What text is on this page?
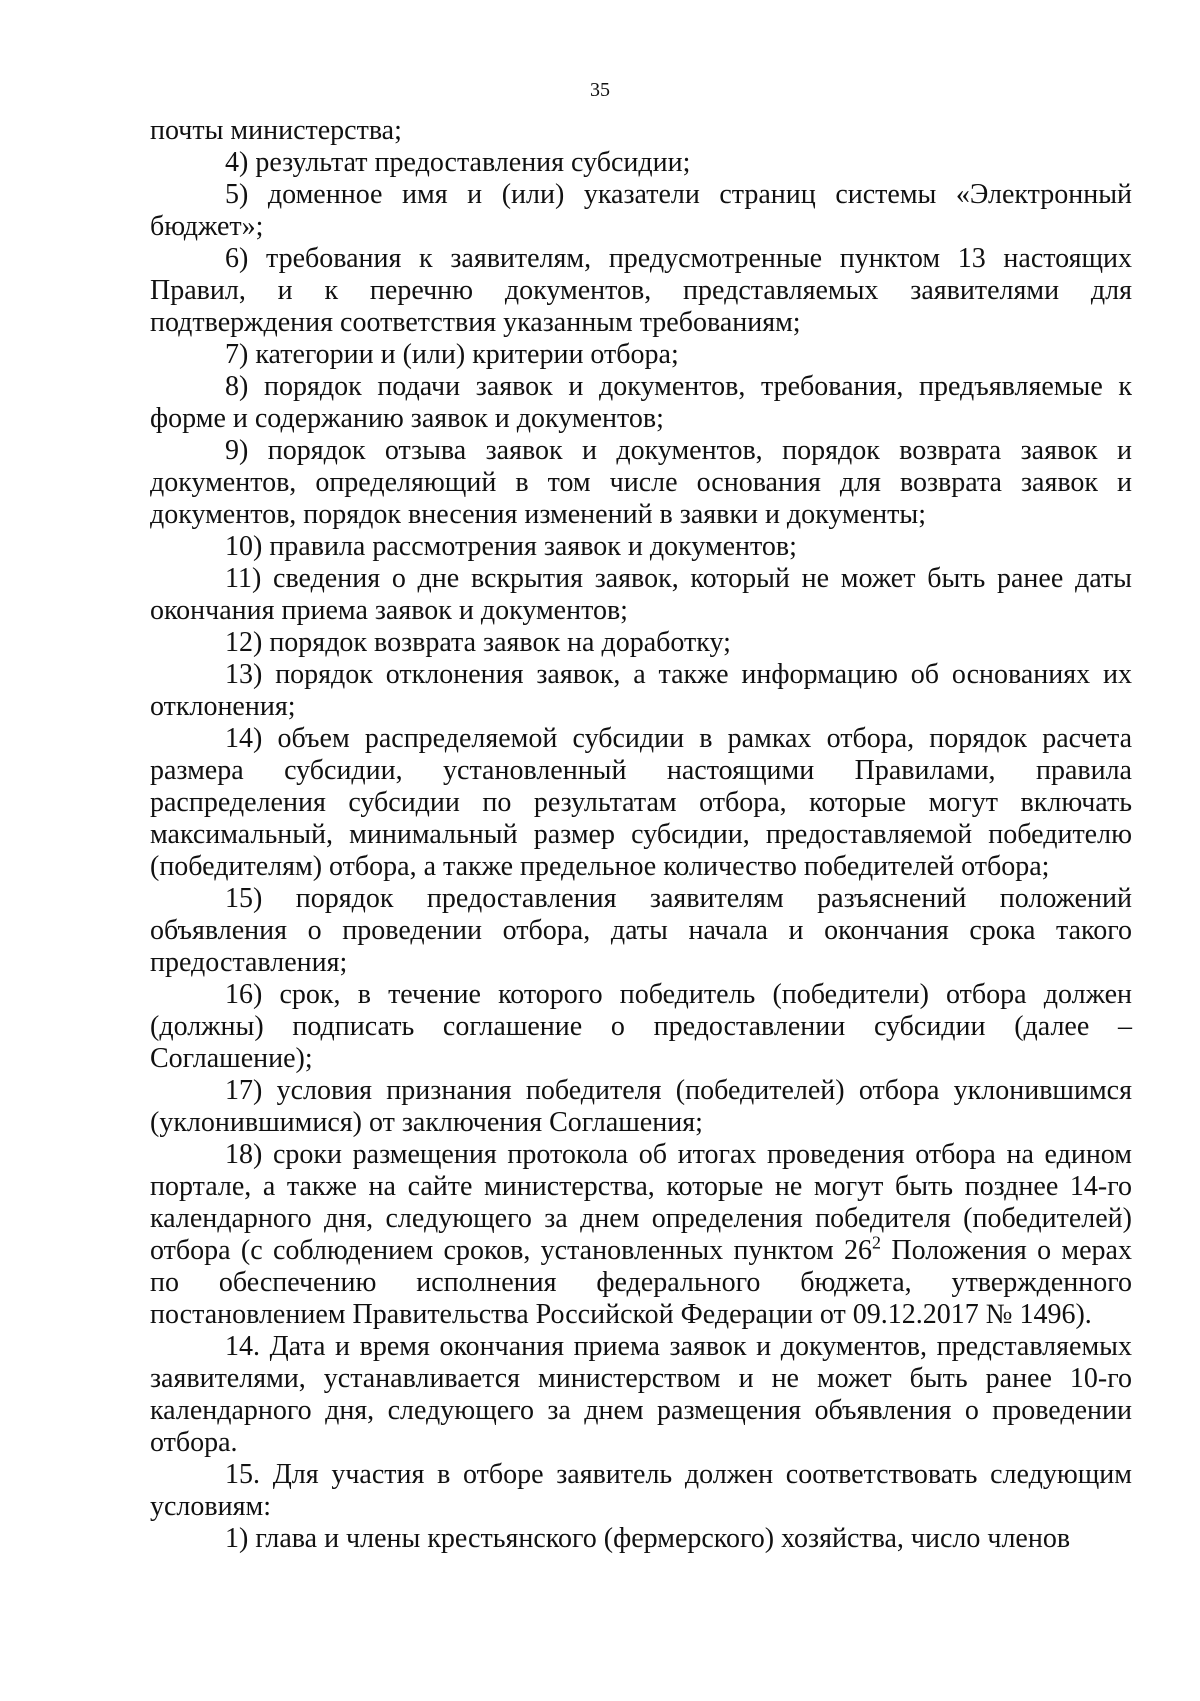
35

почты министерства;

4) результат предоставления субсидии;

5) доменное имя и (или) указатели страниц системы «Электронный бюджет»;

6) требования к заявителям, предусмотренные пунктом 13 настоящих Правил, и к перечню документов, представляемых заявителями для подтверждения соответствия указанным требованиям;

7) категории и (или) критерии отбора;

8) порядок подачи заявок и документов, требования, предъявляемые к форме и содержанию заявок и документов;

9) порядок отзыва заявок и документов, порядок возврата заявок и документов, определяющий в том числе основания для возврата заявок и документов, порядок внесения изменений в заявки и документы;

10) правила рассмотрения заявок и документов;

11) сведения о дне вскрытия заявок, который не может быть ранее даты окончания приема заявок и документов;

12) порядок возврата заявок на доработку;

13) порядок отклонения заявок, а также информацию об основаниях их отклонения;

14) объем распределяемой субсидии в рамках отбора, порядок расчета размера субсидии, установленный настоящими Правилами, правила распределения субсидии по результатам отбора, которые могут включать максимальный, минимальный размер субсидии, предоставляемой победителю (победителям) отбора, а также предельное количество победителей отбора;

15) порядок предоставления заявителям разъяснений положений объявления о проведении отбора, даты начала и окончания срока такого предоставления;

16) срок, в течение которого победитель (победители) отбора должен (должны) подписать соглашение о предоставлении субсидии (далее – Соглашение);

17) условия признания победителя (победителей) отбора уклонившимся (уклонившимися) от заключения Соглашения;

18) сроки размещения протокола об итогах проведения отбора на едином портале, а также на сайте министерства, которые не могут быть позднее 14-го календарного дня, следующего за днем определения победителя (победителей) отбора (с соблюдением сроков, установленных пунктом $26^2$ Положения о мерах по обеспечению исполнения федерального бюджета, утвержденного постановлением Правительства Российской Федерации от 09.12.2017 № 1496).

14. Дата и время окончания приема заявок и документов, представляемых заявителями, устанавливается министерством и не может быть ранее 10-го календарного дня, следующего за днем размещения объявления о проведении отбора.

15. Для участия в отборе заявитель должен соответствовать следующим условиям:

1) глава и члены крестьянского (фермерского) хозяйства, число членов
